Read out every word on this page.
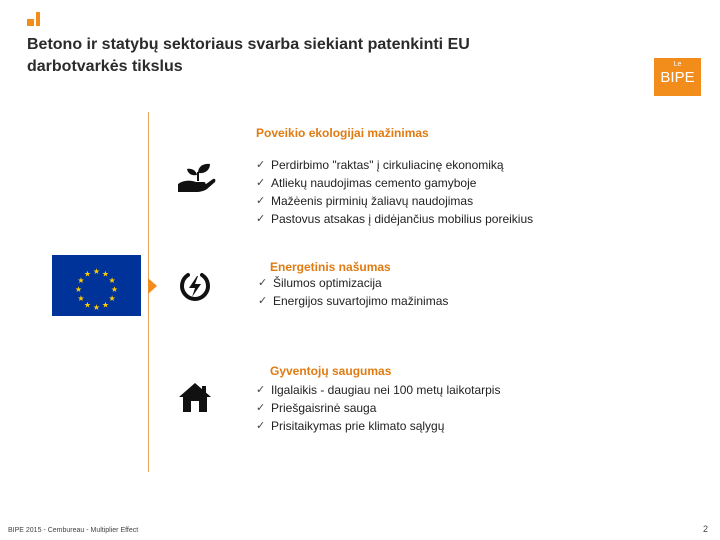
Betono ir statybų sektoriaus svarba siekiant patenkinti EU
darbotvarkės tikslus	Le
BIPE
★ ★
★
★
★
★
★
★
★
★
★
★
Poveikio ekologijai mažinimas
✓ Perdirbimo "raktas" į cirkuliacinę ekonomiką
✓ Atliekų naudojimas cemento gamyboje
✓ Mažėenis pirminių žaliavų naudojimas
✓ Pastovus atsakas į didėjančius mobilius poreikius
Energetinis našumas
✓ Šilumos optimizacija
✓ Energijos suvartojimo mažinimas
Gyventojų saugumas
✓ Ilgalaikis - daugiau nei 100 metų laikotarpis
✓ Priešgaisrinė sauga
✓ Prisitaikymas prie klimato sąlygų
BIPE 2015 - Cembureau - Multiplier Effect	2
